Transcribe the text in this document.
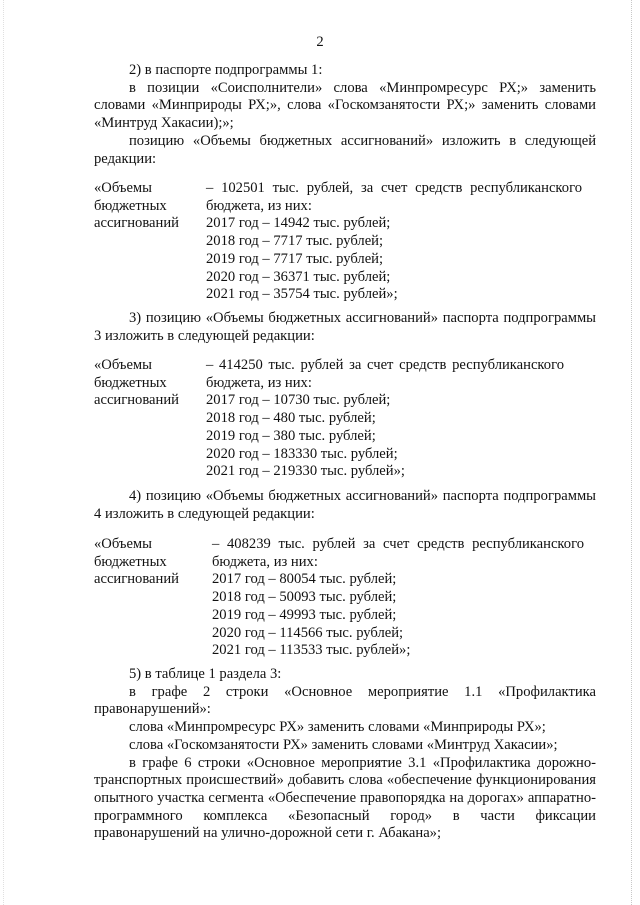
2

2) в паспорте подпрограммы 1:

в позиции «Соисполнители» слова «Минпромресурс РХ;» заменить словами «Минприроды РХ;», слова «Госкомзанятости РХ;» заменить словами «Минтруд Хакасии);»;

позицию «Объемы бюджетных ассигнований» изложить в следующей редакции:

«Объемы
бюджетных
ассигнований
– 102501 тыс. рублей, за счет средств республиканского
бюджета, из них:
2017 год – 14942 тыс. рублей;
2018 год – 7717 тыс. рублей;
2019 год – 7717 тыс. рублей;
2020 год – 36371 тыс. рублей;
2021 год – 35754 тыс. рублей»;

3) позицию «Объемы бюджетных ассигнований» паспорта подпрограммы 3 изложить в следующей редакции:

«Объемы
бюджетных
ассигнований
– 414250 тыс. рублей за счет средств республиканского
бюджета, из них:
2017 год – 10730 тыс. рублей;
2018 год – 480 тыс. рублей;
2019 год – 380 тыс. рублей;
2020 год – 183330 тыс. рублей;
2021 год – 219330 тыс. рублей»;

4) позицию «Объемы бюджетных ассигнований» паспорта подпрограммы 4 изложить в следующей редакции:

«Объемы
бюджетных
ассигнований
– 408239 тыс. рублей за счет средств республиканского
бюджета, из них:
2017 год – 80054 тыс. рублей;
2018 год – 50093 тыс. рублей;
2019 год – 49993 тыс. рублей;
2020 год – 114566 тыс. рублей;
2021 год – 113533 тыс. рублей»;

5) в таблице 1 раздела 3:

в графе 2 строки «Основное мероприятие 1.1 «Профилактика правонарушений»:

слова «Минпромресурс РХ» заменить словами «Минприроды РХ»;

слова «Госкомзанятости РХ» заменить словами «Минтруд Хакасии»;

в графе 6 строки «Основное мероприятие 3.1 «Профилактика дорожно-транспортных происшествий» добавить слова «обеспечение функционирования опытного участка сегмента «Обеспечение правопорядка на дорогах» аппаратно-программного комплекса «Безопасный город» в части фиксации правонарушений на улично-дорожной сети г. Абакана»;
